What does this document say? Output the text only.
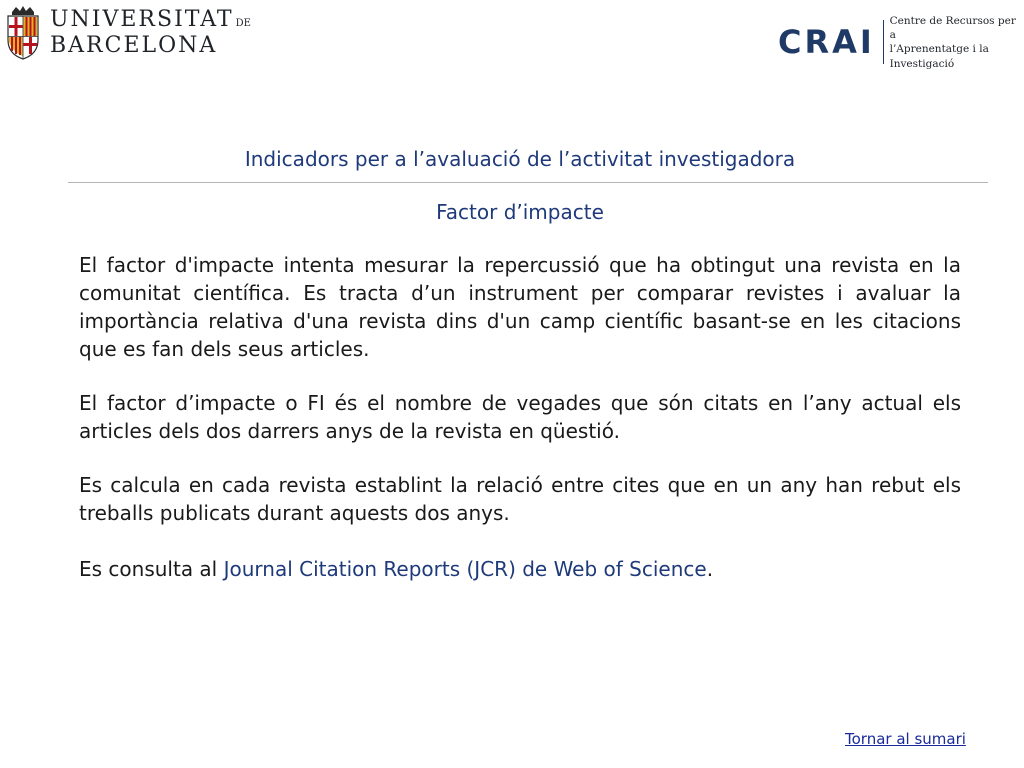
UNIVERSITAT DE
BARCELONA	CRAI
Centre de Recursos per a
l’Aprenentatge i la Investigació
Indicadors per a l’avaluació de l’activitat investigadora
Factor d’impacte

El factor d'impacte intenta mesurar la repercussió que ha obtingut una revista en la comunitat científica. Es tracta d’un instrument per comparar revistes i avaluar la importància relativa d'una revista dins d'un camp científic basant-se en les citacions que es fan dels seus articles.

El factor d’impacte o FI és el nombre de vegades que són citats en l’any actual els articles dels dos darrers anys de la revista en qüestió.

Es calcula en cada revista establint la relació entre cites que en un any han rebut els treballs publicats durant aquests dos anys.

Es consulta al Journal Citation Reports (JCR) de Web of Science.

Tornar al sumari
